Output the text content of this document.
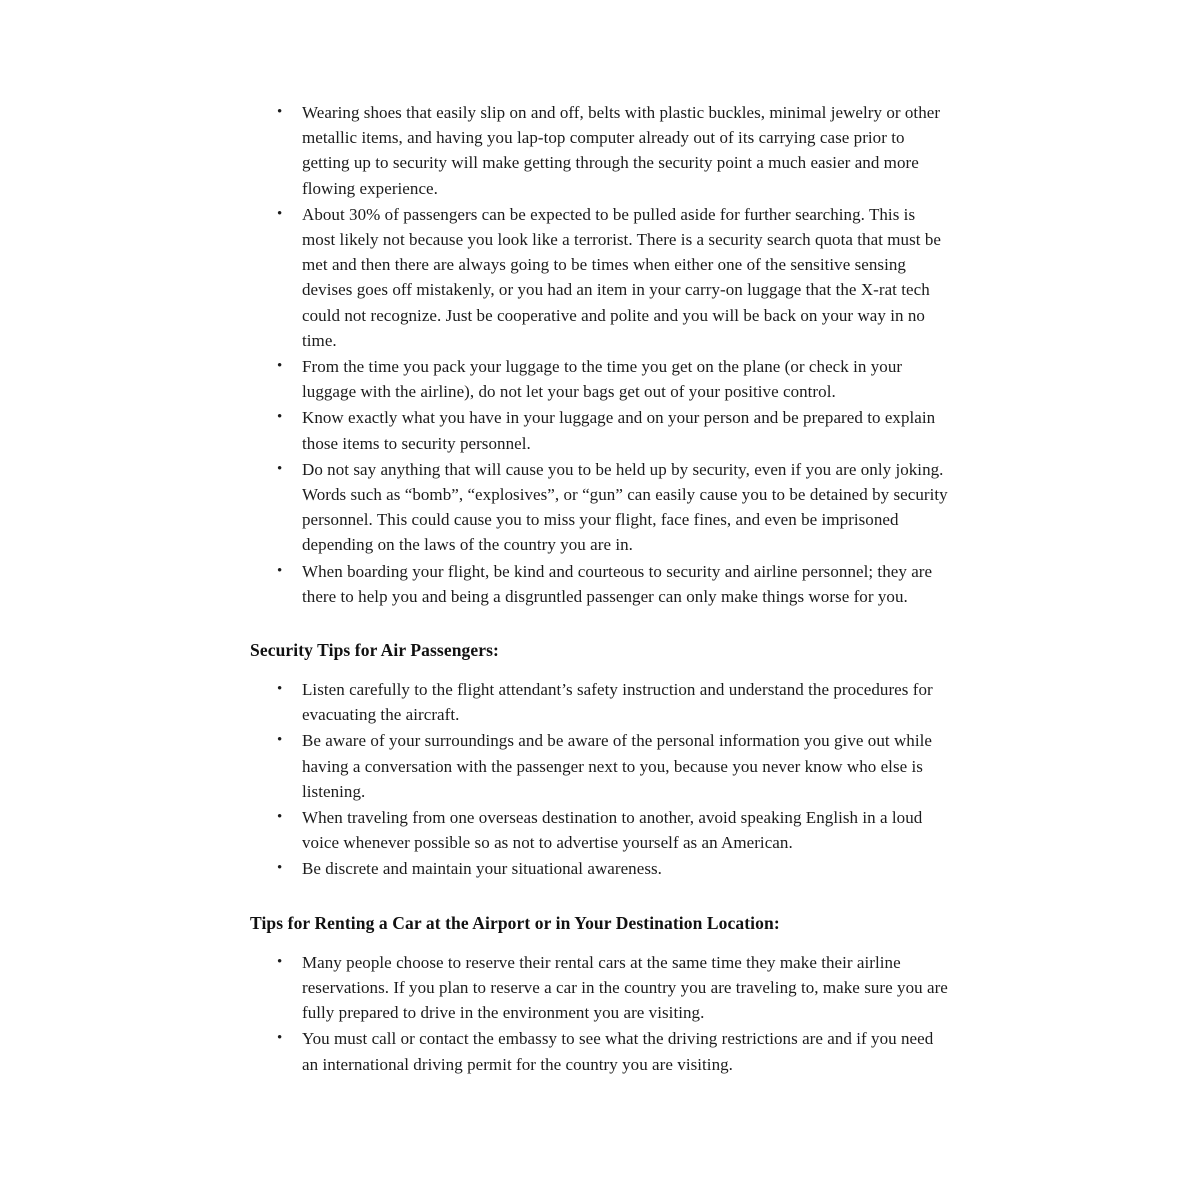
• Wearing shoes that easily slip on and off, belts with plastic buckles, minimal jewelry or other metallic items, and having you lap-top computer already out of its carrying case prior to getting up to security will make getting through the security point a much easier and more flowing experience.
• About 30% of passengers can be expected to be pulled aside for further searching. This is most likely not because you look like a terrorist. There is a security search quota that must be met and then there are always going to be times when either one of the sensitive sensing devises goes off mistakenly, or you had an item in your carry-on luggage that the X-rat tech could not recognize. Just be cooperative and polite and you will be back on your way in no time.
• From the time you pack your luggage to the time you get on the plane (or check in your luggage with the airline), do not let your bags get out of your positive control.
• Know exactly what you have in your luggage and on your person and be prepared to explain those items to security personnel.
• Do not say anything that will cause you to be held up by security, even if you are only joking. Words such as “bomb”, “explosives”, or “gun” can easily cause you to be detained by security personnel. This could cause you to miss your flight, face fines, and even be imprisoned depending on the laws of the country you are in.
• When boarding your flight, be kind and courteous to security and airline personnel; they are there to help you and being a disgruntled passenger can only make things worse for you.
Security Tips for Air Passengers:
• Listen carefully to the flight attendant’s safety instruction and understand the procedures for evacuating the aircraft.
• Be aware of your surroundings and be aware of the personal information you give out while having a conversation with the passenger next to you, because you never know who else is listening.
• When traveling from one overseas destination to another, avoid speaking English in a loud voice whenever possible so as not to advertise yourself as an American.
• Be discrete and maintain your situational awareness.
Tips for Renting a Car at the Airport or in Your Destination Location:
• Many people choose to reserve their rental cars at the same time they make their airline reservations. If you plan to reserve a car in the country you are traveling to, make sure you are fully prepared to drive in the environment you are visiting.
• You must call or contact the embassy to see what the driving restrictions are and if you need an international driving permit for the country you are visiting.
